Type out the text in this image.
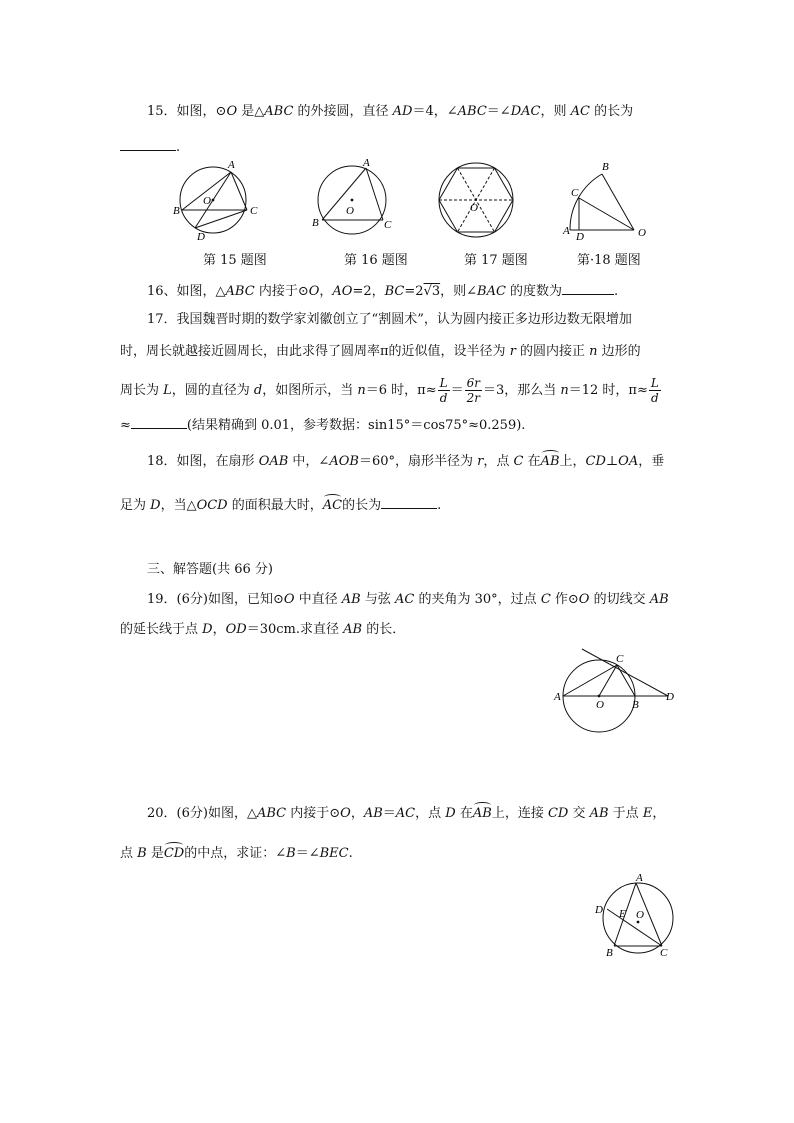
15．如图，⊙O 是△ABC 的外接圆，直径 AD＝4，∠ABC＝∠DAC，则 AC 的长为
.
A
B	C
D
O
A
B	C
O	O
B
C
A D	O
第 15 题图	第 16 题图	第 17 题图	第·18 题图
16、如图，△ABC 内接于⊙O，AO=2，BC=2√3，则∠BAC 的度数为	.
17．我国魏晋时期的数学家刘徽创立了“割圆术”，认为圆内接正多边形边数无限增加
时，周长就越接近圆周长，由此求得了圆周率π的近似值，设半径为 r 的圆内接正 n 边形的
周长为 L，圆的直径为 d，如图所示，当 n＝6 时，$\pi\approx \frac{L}{d} = \frac{6r}{2r} =3$，那么当 n＝12 时，$\pi\approx \frac{L}{d}$
≈	(结果精确到 0.01，参考数据：sin15°＝cos75°≈0.259).
18．如图，在扇形 OAB 中，∠AOB＝60°，扇形半径为 r，点 C 在AB上，CD⊥OA，垂
足为 D，当△OCD 的面积最大时，AC的长为	.
三、解答题(共 66 分)
19．(6分)如图，已知⊙O 中直径 AB 与弦 AC 的夹角为 30°，过点 C 作⊙O 的切线交 AB
的延长线于点 D，OD＝30cm.求直径 AB 的长．
A
C
O	B
D
20．(6分)如图，△ABC 内接于⊙O，AB＝AC，点 D 在AB上，连接 CD 交 AB 于点 E，
点 B 是CD的中点，求证：∠B＝∠BEC.
A
D E O
B	C
